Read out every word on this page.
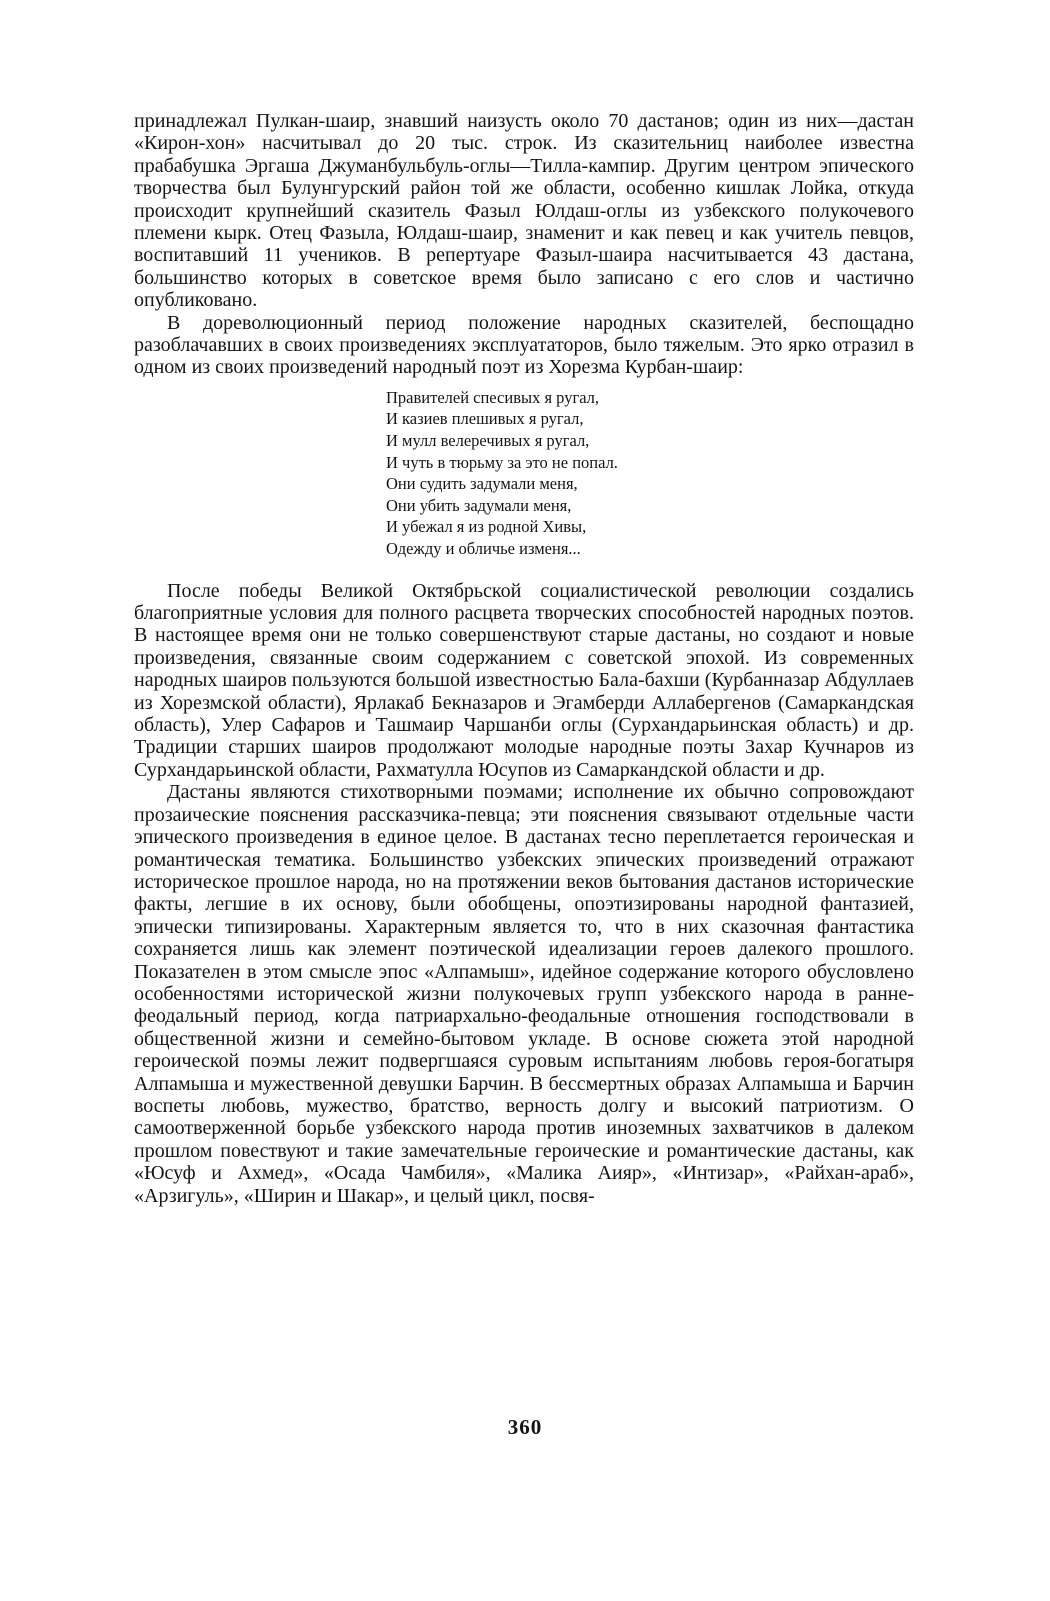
принадлежал Пулкан-шаир, знавший наизусть около 70 дастанов; один из них—дастан «Кирон-хон» насчитывал до 20 тыс. строк. Из сказительниц наиболее известна прабабушка Эргаша Джуманбульбуль-оглы—Тилла-кампир. Другим центром эпического творчества был Булунгурский район той же области, особенно кишлак Лойка, откуда происходит крупнейший сказитель Фазыл Юлдаш-оглы из узбекского полукочевого племени кырк. Отец Фазыла, Юлдаш-шаир, знаменит и как певец и как учитель певцов, воспитавший 11 учеников. В репертуаре Фазыл-шаира насчитывается 43 дастана, большинство которых в советское время было записано с его слов и частично опубликовано.

В дореволюционный период положение народных сказителей, беспощадно разоблачавших в своих произведениях эксплуататоров, было тяжелым. Это ярко отразил в одном из своих произведений народный поэт из Хорезма Курбан-шаир:

Правителей спесивых я ругал,
И казиев плешивых я ругал,
И мулл велеречивых я ругал,
И чуть в тюрьму за это не попал.
Они судить задумали меня,
Они убить задумали меня,
И убежал я из родной Хивы,
Одежду и обличье изменя...

После победы Великой Октябрьской социалистической революции создались благоприятные условия для полного расцвета творческих способностей народных поэтов. В настоящее время они не только совершенствуют старые дастаны, но создают и новые произведения, связанные своим содержанием с советской эпохой. Из современных народных шаиров пользуются большой известностью Бала-бахши (Курбанназар Абдуллаев из Хорезмской области), Ярлакаб Бекназаров и Эгамберди Аллабергенов (Самаркандская область), Улер Сафаров и Ташмаир Чаршанби оглы (Сурхандарьинская область) и др. Традиции старших шаиров продолжают молодые народные поэты Захар Кучнаров из Сурхандарьинской области, Рахматулла Юсупов из Самаркандской области и др.

Дастаны являются стихотворными поэмами; исполнение их обычно сопровождают прозаические пояснения рассказчика-певца; эти пояснения связывают отдельные части эпического произведения в единое целое. В дастанах тесно переплетается героическая и романтическая тематика. Большинство узбекских эпических произведений отражают историческое прошлое народа, но на протяжении веков бытования дастанов исторические факты, легшие в их основу, были обобщены, опоэтизированы народной фантазией, эпически типизированы. Характерным является то, что в них сказочная фантастика сохраняется лишь как элемент поэтической идеализации героев далекого прошлого. Показателен в этом смысле эпос «Алпамыш», идейное содержание которого обусловлено особенностями исторической жизни полукочевых групп узбекского народа в ранне-феодальный период, когда патриархально-феодальные отношения господствовали в общественной жизни и семейно-бытовом укладе. В основе сюжета этой народной героической поэмы лежит подвергшаяся суровым испытаниям любовь героя-богатыря Алпамыша и мужественной девушки Барчин. В бессмертных образах Алпамыша и Барчин воспеты любовь, мужество, братство, верность долгу и высокий патриотизм. О самоотверженной борьбе узбекского народа против иноземных захватчиков в далеком прошлом повествуют и такие замечательные героические и романтические дастаны, как «Юсуф и Ахмед», «Осада Чамбиля», «Малика Аияр», «Интизар», «Райхан-араб», «Арзигуль», «Ширин и Шакар», и целый цикл, посвя-

360
